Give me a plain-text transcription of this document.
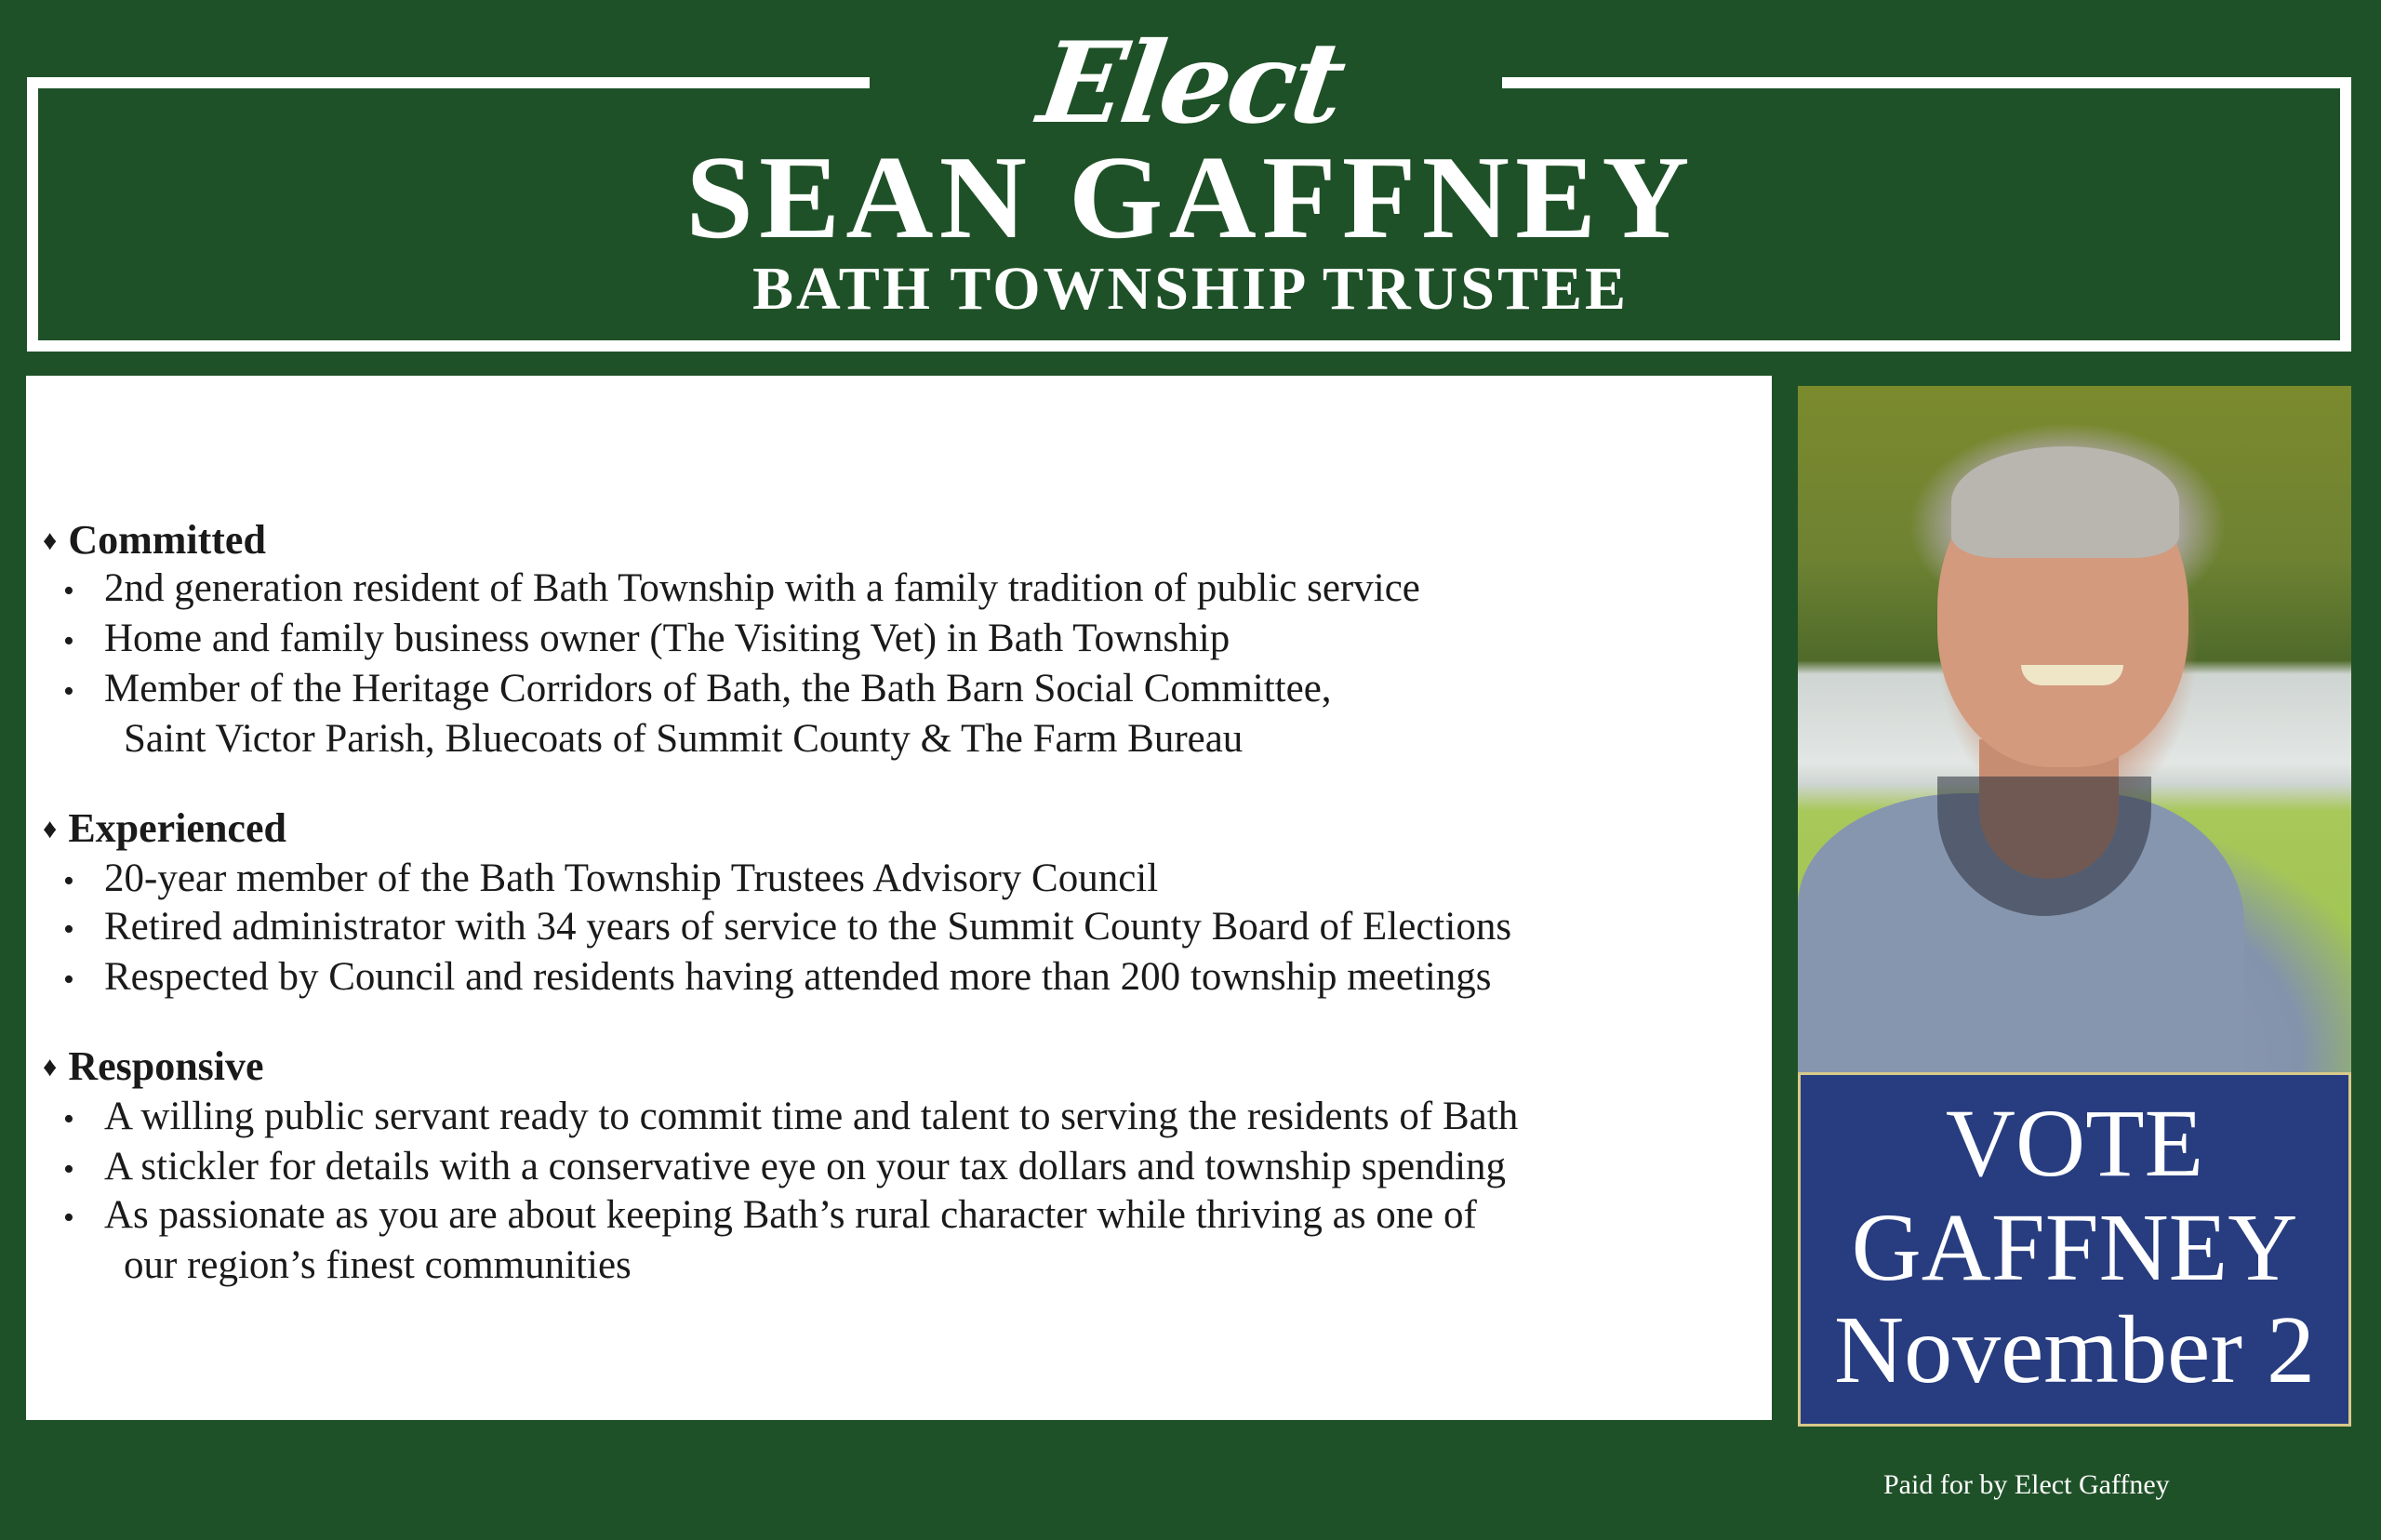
Elect
SEAN GAFFNEY
BATH TOWNSHIP TRUSTEE
♦ Committed
• 2nd generation resident of Bath Township with a family tradition of public service
• Home and family business owner (The Visiting Vet) in Bath Township
• Member of the Heritage Corridors of Bath, the Bath Barn Social Committee,
Saint Victor Parish, Bluecoats of Summit County & The Farm Bureau
♦ Experienced
• 20-year member of the Bath Township Trustees Advisory Council
• Retired administrator with 34 years of service to the Summit County Board of Elections
• Respected by Council and residents having attended more than 200 township meetings
♦ Responsive
• A willing public servant ready to commit time and talent to serving the residents of Bath
• A stickler for details with a conservative eye on your tax dollars and township spending
• As passionate as you are about keeping Bath’s rural character while thriving as one of
our region’s finest communities
VOTE
GAFFNEY
November 2
Paid for by Elect Gaffney
